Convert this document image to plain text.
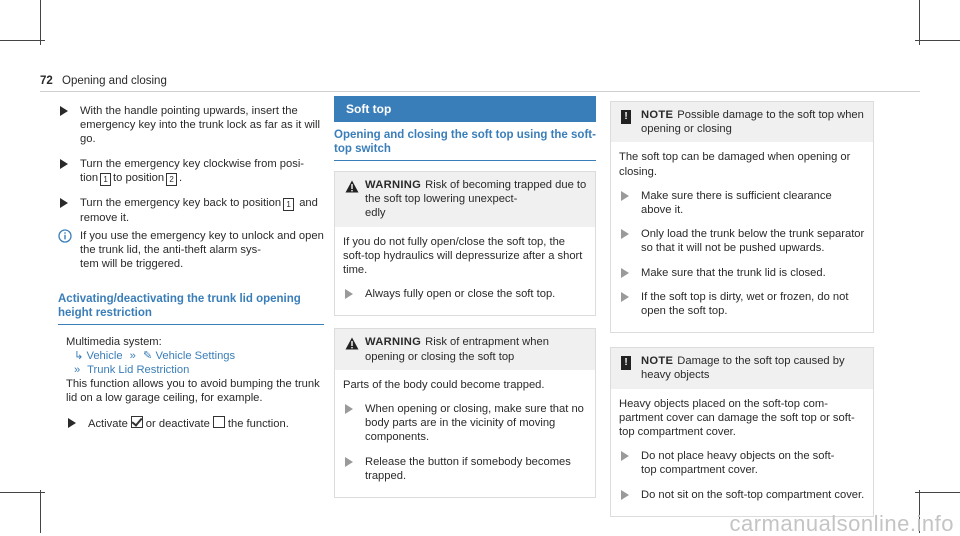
72 Opening and closing
With the handle pointing upwards, insert the emergency key into the trunk lock as far as it will go.
Turn the emergency key clockwise from posi- tion 1 to position 2 .
Turn the emergency key back to position 1 and remove it.
If you use the emergency key to unlock and open the trunk lid, the anti-theft alarm sys-
tem will be triggered.
Activating/deactivating the trunk lid opening height restriction
Multimedia system:
↳ Vehicle » ✎ Vehicle Settings
» Trunk Lid Restriction
This function allows you to avoid bumping the trunk lid on a low garage ceiling, for example.
Activate or deactivate the function.
Soft top
Opening and closing the soft top using the soft-top switch
WARNING Risk of becoming trapped due to the soft top lowering unexpect-
edly
If you do not fully open/close the soft top, the soft-top hydraulics will depressurize after a short time.
Always fully open or close the soft top.
WARNING Risk of entrapment when opening or closing the soft top
Parts of the body could become trapped.
When opening or closing, make sure that no body parts are in the vicinity of moving components.
Release the button if somebody becomes trapped.
! NOTE Possible damage to the soft top when opening or closing
The soft top can be damaged when opening or closing.
Make sure there is sufficient clearance above it.
Only load the trunk below the trunk separator so that it will not be pushed upwards.
Make sure that the trunk lid is closed.
If the soft top is dirty, wet or frozen, do not open the soft top.
! NOTE Damage to the soft top caused by heavy objects
Heavy objects placed on the soft-top com-
partment cover can damage the soft top or soft-top compartment cover.
Do not place heavy objects on the soft-
top compartment cover.
Do not sit on the soft-top compartment cover.
carmanualsonline.info
